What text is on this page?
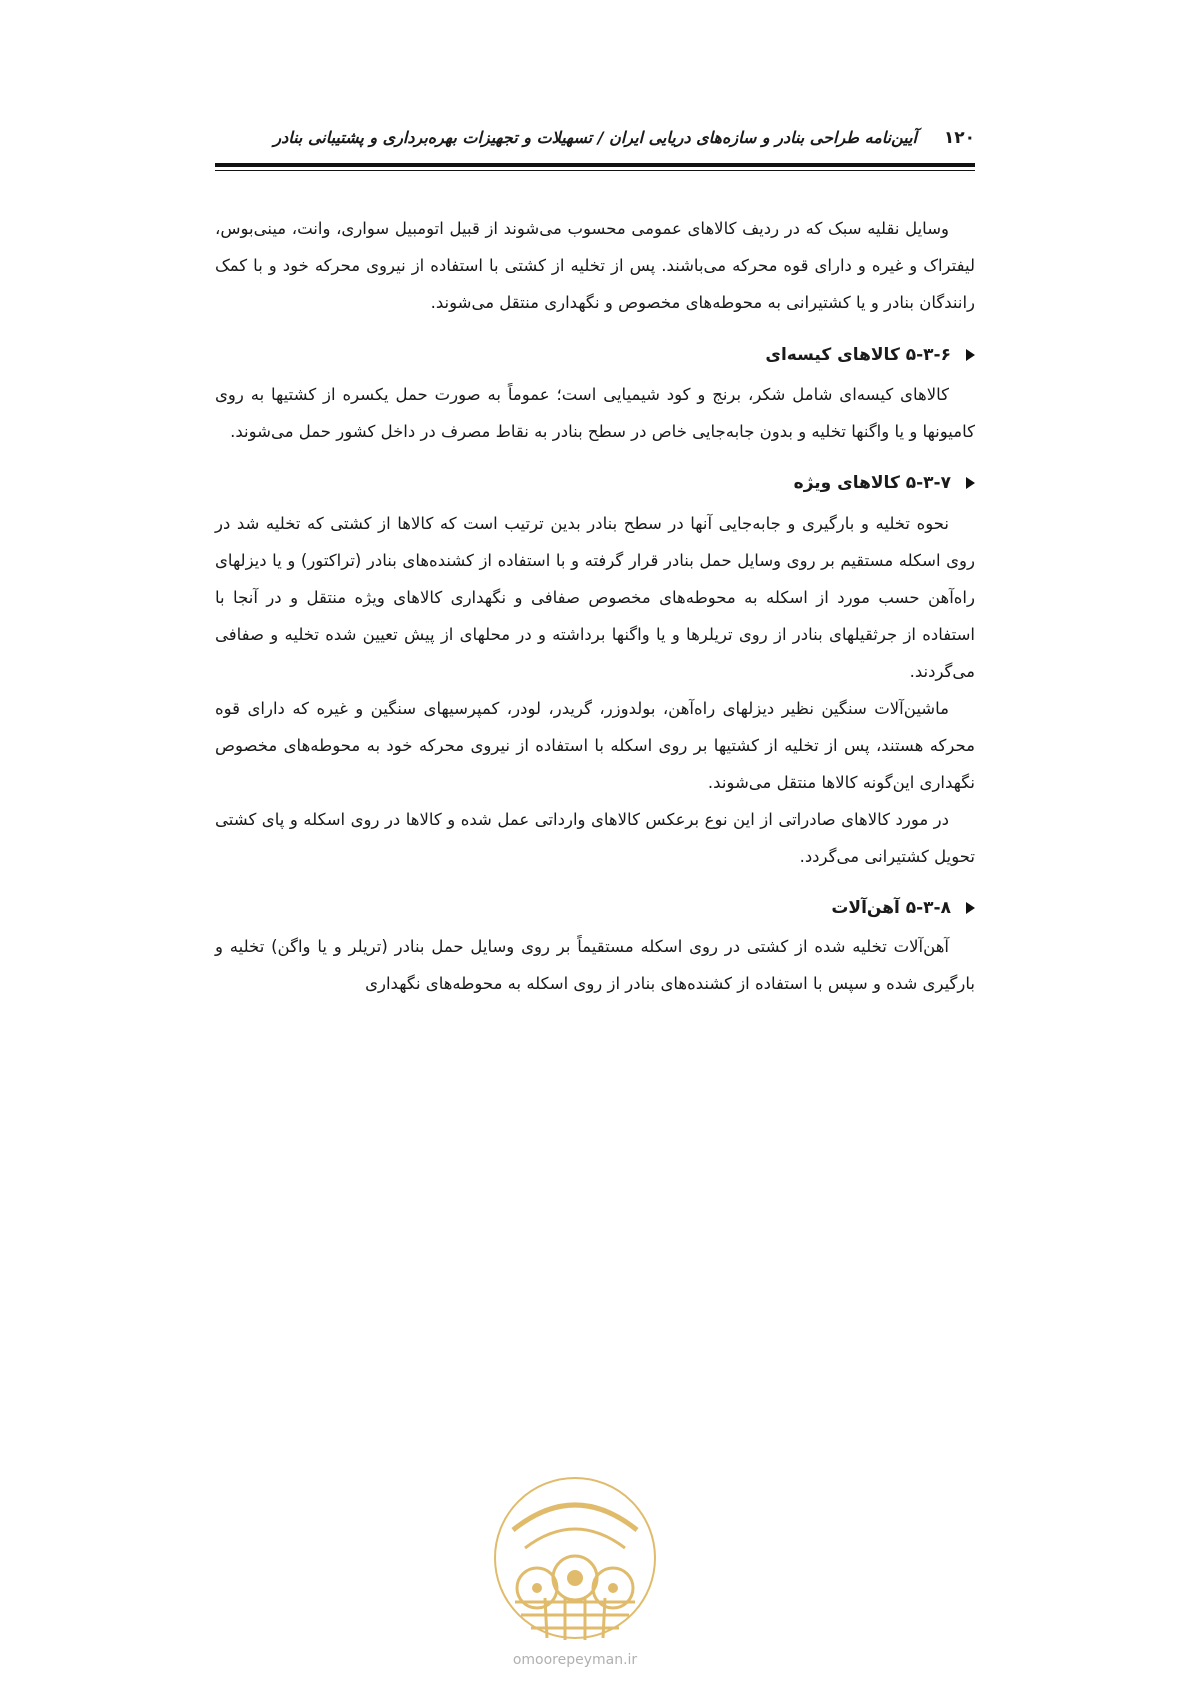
۱۲۰
آیین‌نامه طراحی بنادر و سازه‌های دریایی ایران / تسهیلات و تجهیزات بهره‌برداری و پشتیبانی بنادر

وسایل نقلیه سبک که در ردیف کالاهای عمومی محسوب می‌شوند از قبیل اتومبیل سواری، وانت، مینی‌بوس، لیفتراک و غیره و دارای قوه محرکه می‌باشند. پس از تخلیه از کشتی با استفاده از نیروی محرکه خود و با کمک رانندگان بنادر و یا کشتیرانی به محوطه‌های مخصوص و نگهداری منتقل می‌شوند.

۵-۳-۶ کالاهای کیسه‌ای

کالاهای کیسه‌ای شامل شکر، برنج و کود شیمیایی است؛ عموماً به صورت حمل یکسره از کشتیها به روی کامیونها و یا واگنها تخلیه و بدون جابه‌جایی خاص در سطح بنادر به نقاط مصرف در داخل کشور حمل می‌شوند.

۵-۳-۷ کالاهای ویژه

نحوه تخلیه و بارگیری و جابه‌جایی آنها در سطح بنادر بدین ترتیب است که کالاها از کشتی که تخلیه شد در روی اسکله مستقیم بر روی وسایل حمل بنادر قرار گرفته و با استفاده از کشنده‌های بنادر (تراکتور) و یا دیزلهای راه‌آهن حسب مورد از اسکله به محوطه‌های مخصوص صفافی و نگهداری کالاهای ویژه منتقل و در آنجا با استفاده از جرثقیلهای بنادر از روی تریلرها و یا واگنها برداشته و در محلهای از پیش تعیین شده تخلیه و صفافی می‌گردند.

ماشین‌آلات سنگین نظیر دیزلهای راه‌آهن، بولدوزر، گریدر، لودر، کمپرسیهای سنگین و غیره که دارای قوه محرکه هستند، پس از تخلیه از کشتیها بر روی اسکله با استفاده از نیروی محرکه خود به محوطه‌های مخصوص نگهداری این‌گونه کالاها منتقل می‌شوند.

در مورد کالاهای صادراتی از این نوع برعکس کالاهای وارداتی عمل شده و کالاها در روی اسکله و پای کشتی تحویل کشتیرانی می‌گردد.

۵-۳-۸ آهن‌آلات

آهن‌آلات تخلیه شده از کشتی در روی اسکله مستقیماً بر روی وسایل حمل بنادر (تریلر و یا واگن) تخلیه و بارگیری شده و سپس با استفاده از کشنده‌های بنادر از روی اسکله به محوطه‌های نگهداری

omoorepeyman.ir
